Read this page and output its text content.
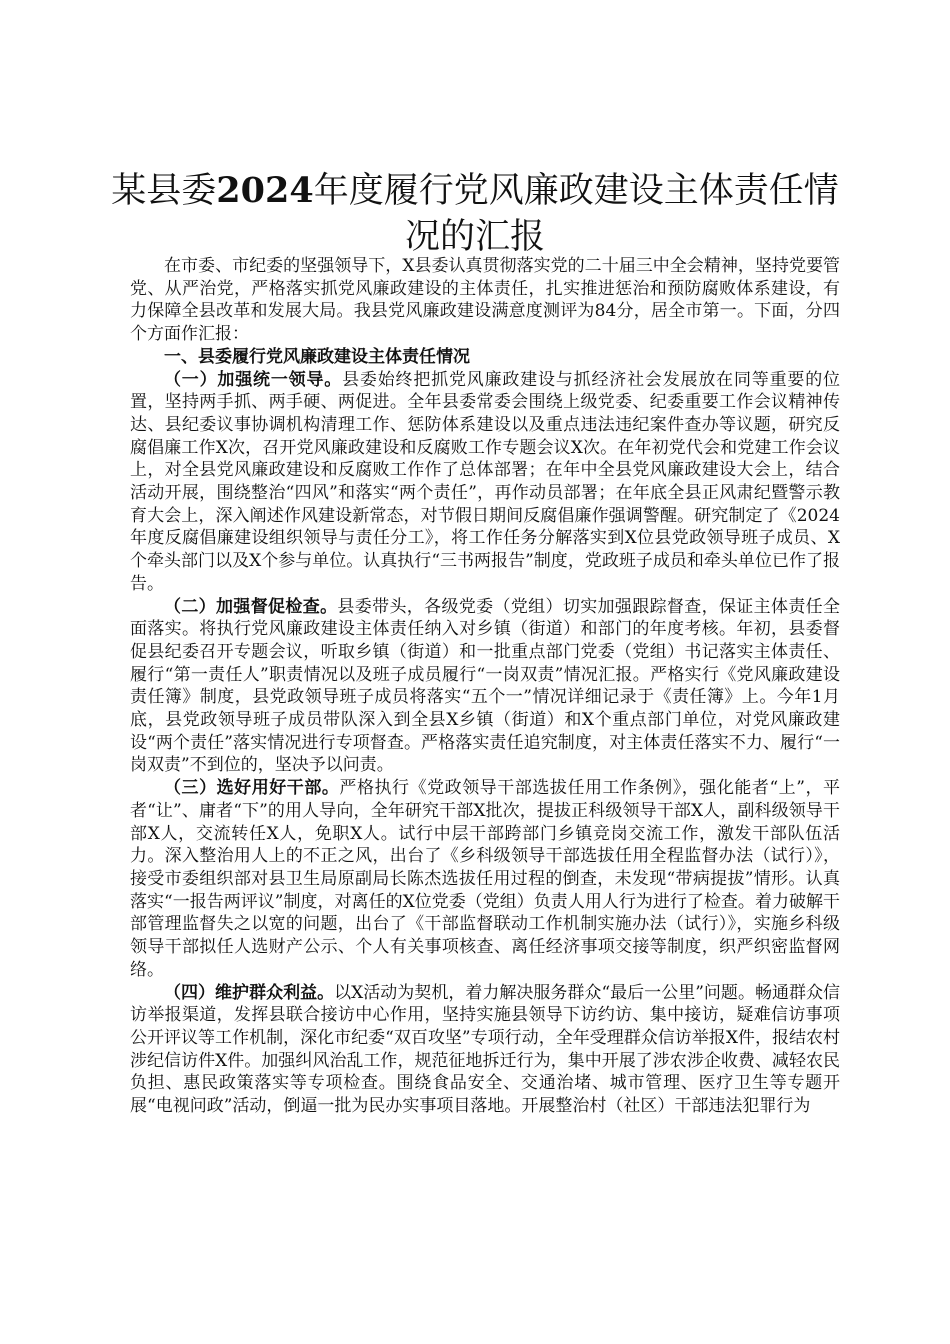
某县委2024年度履行党风廉政建设主体责任情况的汇报

在市委、市纪委的坚强领导下，X县委认真贯彻落实党的二十届三中全会精神，坚持党要管党、从严治党，严格落实抓党风廉政建设的主体责任，扎实推进惩治和预防腐败体系建设，有力保障全县改革和发展大局。我县党风廉政建设满意度测评为84分，居全市第一。下面，分四个方面作汇报：

一、县委履行党风廉政建设主体责任情况

（一）加强统一领导。县委始终把抓党风廉政建设与抓经济社会发展放在同等重要的位置，坚持两手抓、两手硬、两促进。全年县委常委会围绕上级党委、纪委重要工作会议精神传达、县纪委议事协调机构清理工作、惩防体系建设以及重点违法违纪案件查办等议题，研究反腐倡廉工作X次，召开党风廉政建设和反腐败工作专题会议X次。在年初党代会和党建工作会议上，对全县党风廉政建设和反腐败工作作了总体部署；在年中全县党风廉政建设大会上，结合活动开展，围绕整治“四风”和落实“两个责任”，再作动员部署；在年底全县正风肃纪暨警示教育大会上，深入阐述作风建设新常态，对节假日期间反腐倡廉作强调警醒。研究制定了《2024年度反腐倡廉建设组织领导与责任分工》，将工作任务分解落实到X位县党政领导班子成员、X个牵头部门以及X个参与单位。认真执行“三书两报告”制度，党政班子成员和牵头单位已作了报告。

（二）加强督促检查。县委带头，各级党委（党组）切实加强跟踪督查，保证主体责任全面落实。将执行党风廉政建设主体责任纳入对乡镇（街道）和部门的年度考核。年初，县委督促县纪委召开专题会议，听取乡镇（街道）和一批重点部门党委（党组）书记落实主体责任、履行“第一责任人”职责情况以及班子成员履行“一岗双责”情况汇报。严格实行《党风廉政建设责任簿》制度，县党政领导班子成员将落实“五个一”情况详细记录于《责任簿》上。今年1月底，县党政领导班子成员带队深入到全县X乡镇（街道）和X个重点部门单位，对党风廉政建设“两个责任”落实情况进行专项督查。严格落实责任追究制度，对主体责任落实不力、履行“一岗双责”不到位的，坚决予以问责。

（三）选好用好干部。严格执行《党政领导干部选拔任用工作条例》，强化能者“上”，平者“让”、庸者“下”的用人导向，全年研究干部X批次，提拔正科级领导干部X人，副科级领导干部X人，交流转任X人，免职X人。试行中层干部跨部门乡镇竞岗交流工作，激发干部队伍活力。深入整治用人上的不正之风，出台了《乡科级领导干部选拔任用全程监督办法（试行）》，接受市委组织部对县卫生局原副局长陈杰选拔任用过程的倒查，未发现“带病提拔”情形。认真落实“一报告两评议”制度，对离任的X位党委（党组）负责人用人行为进行了检查。着力破解干部管理监督失之以宽的问题，出台了《干部监督联动工作机制实施办法（试行）》，实施乡科级领导干部拟任人选财产公示、个人有关事项核查、离任经济事项交接等制度，织严织密监督网络。

（四）维护群众利益。以X活动为契机，着力解决服务群众“最后一公里”问题。畅通群众信访举报渠道，发挥县联合接访中心作用，坚持实施县领导下访约访、集中接访，疑难信访事项公开评议等工作机制，深化市纪委“双百攻坚”专项行动，全年受理群众信访举报X件，报结农村涉纪信访件X件。加强纠风治乱工作，规范征地拆迁行为，集中开展了涉农涉企收费、减轻农民负担、惠民政策落实等专项检查。围绕食品安全、交通治堵、城市管理、医疗卫生等专题开展“电视问政”活动，倒逼一批为民办实事项目落地。开展整治村（社区）干部违法犯罪行为
